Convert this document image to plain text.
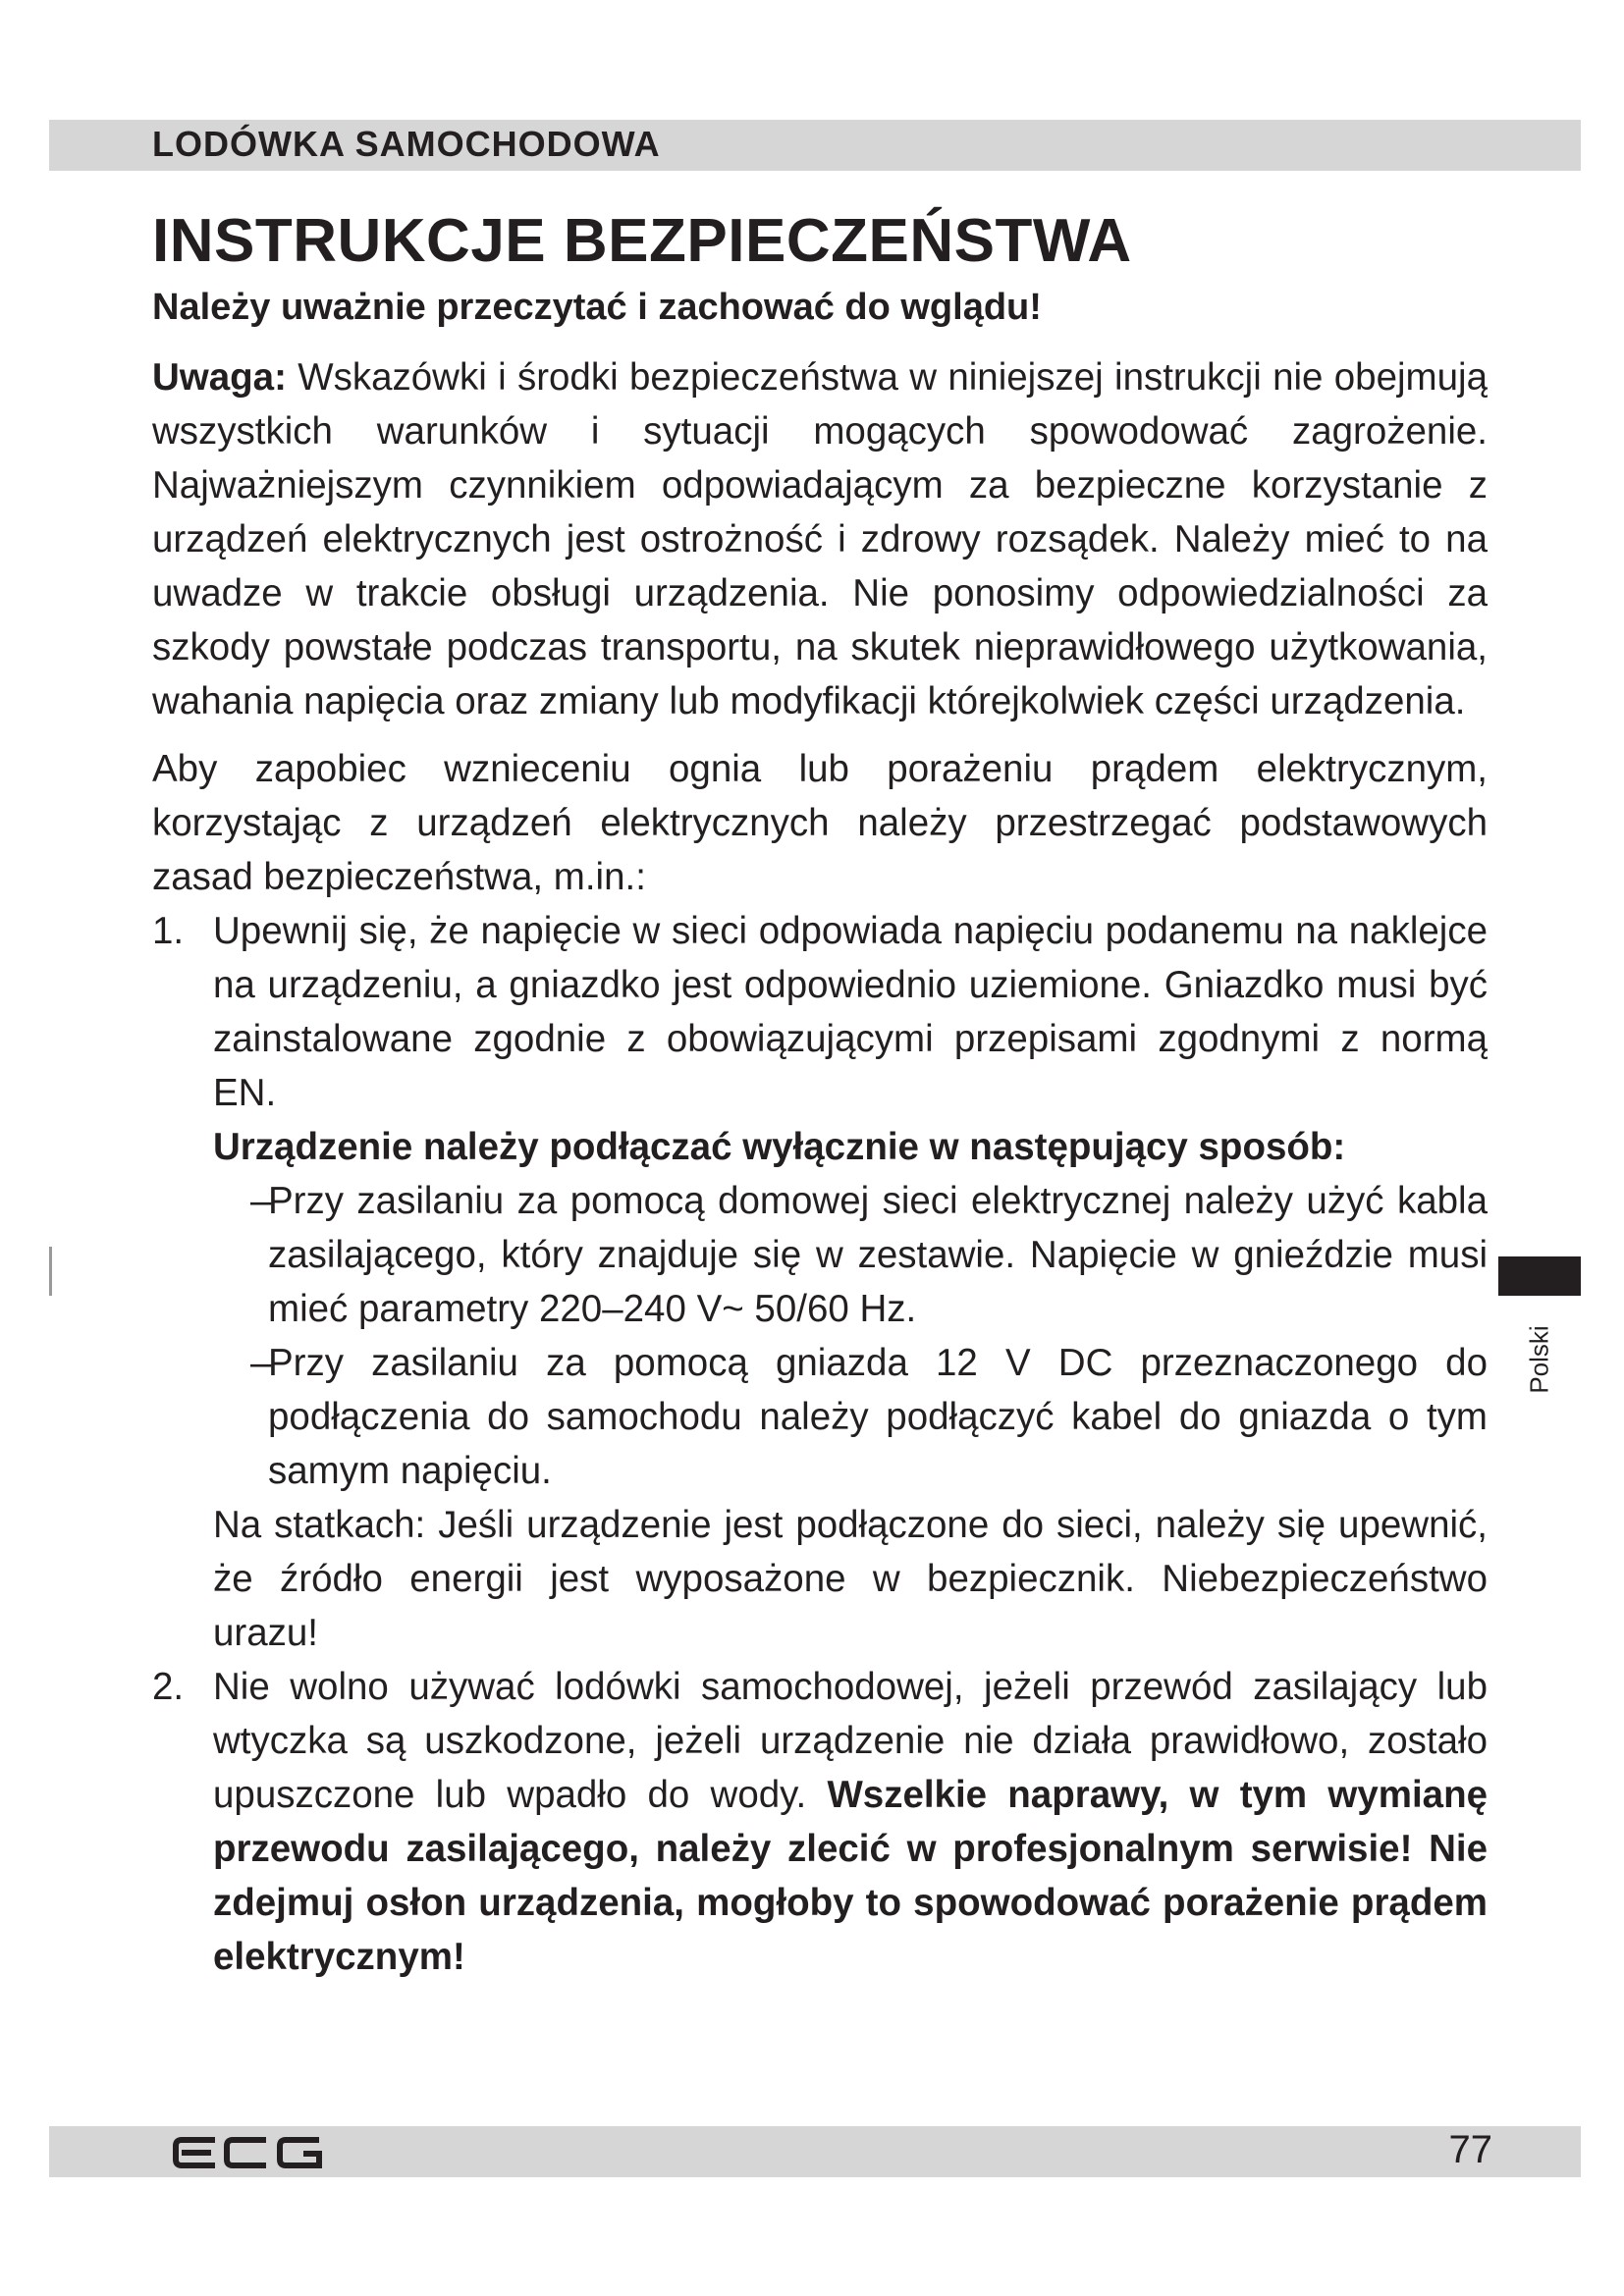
LODÓWKA SAMOCHODOWA
INSTRUKCJE BEZPIECZEŃSTWA
Należy uważnie przeczytać i zachować do wglądu!

Uwaga: Wskazówki i środki bezpieczeństwa w niniejszej instrukcji nie obejmują wszystkich warunków i sytuacji mogących spowodować zagrożenie. Najważniejszym czynnikiem odpowiadającym za bezpieczne korzystanie z urządzeń elektrycznych jest ostrożność i zdrowy rozsądek. Należy mieć to na uwadze w trakcie obsługi urządzenia. Nie ponosimy odpowiedzialności za szkody powstałe podczas transportu, na skutek nieprawidłowego użytkowania, wahania napięcia oraz zmiany lub modyfikacji którejkolwiek części urządzenia.

Aby zapobiec wznieceniu ognia lub porażeniu prądem elektrycznym, korzystając z urządzeń elektrycznych należy przestrzegać podstawowych zasad bezpieczeństwa, m.in.:

1. Upewnij się, że napięcie w sieci odpowiada napięciu podanemu na naklejce na urządzeniu, a gniazdko jest odpowiednio uziemione. Gniazdko musi być zainstalowane zgodnie z obowiązującymi przepisami zgodnymi z normą EN.

Urządzenie należy podłączać wyłącznie w następujący sposób:

–

Przy zasilaniu za pomocą domowej sieci elektrycznej należy użyć kabla zasilającego, który znajduje się w zestawie. Napięcie w gnieździe musi mieć parametry 220–240 V~ 50/60 Hz.

–

Przy zasilaniu za pomocą gniazda 12 V DC przeznaczonego do podłączenia do samochodu należy podłączyć kabel do gniazda o tym samym napięciu.

Na statkach: Jeśli urządzenie jest podłączone do sieci, należy się upewnić, że źródło energii jest wyposażone w bezpiecznik. Niebezpieczeństwo urazu!

2. Nie wolno używać lodówki samochodowej, jeżeli przewód zasilający lub wtyczka są uszkodzone, jeżeli urządzenie nie działa prawidłowo, zostało upuszczone lub wpadło do wody. Wszelkie naprawy, w tym wymianę przewodu zasilającego, należy zlecić w profesjonalnym serwisie! Nie zdejmuj osłon urządzenia, mogłoby to spowodować porażenie prądem elektrycznym!

Polski
77
